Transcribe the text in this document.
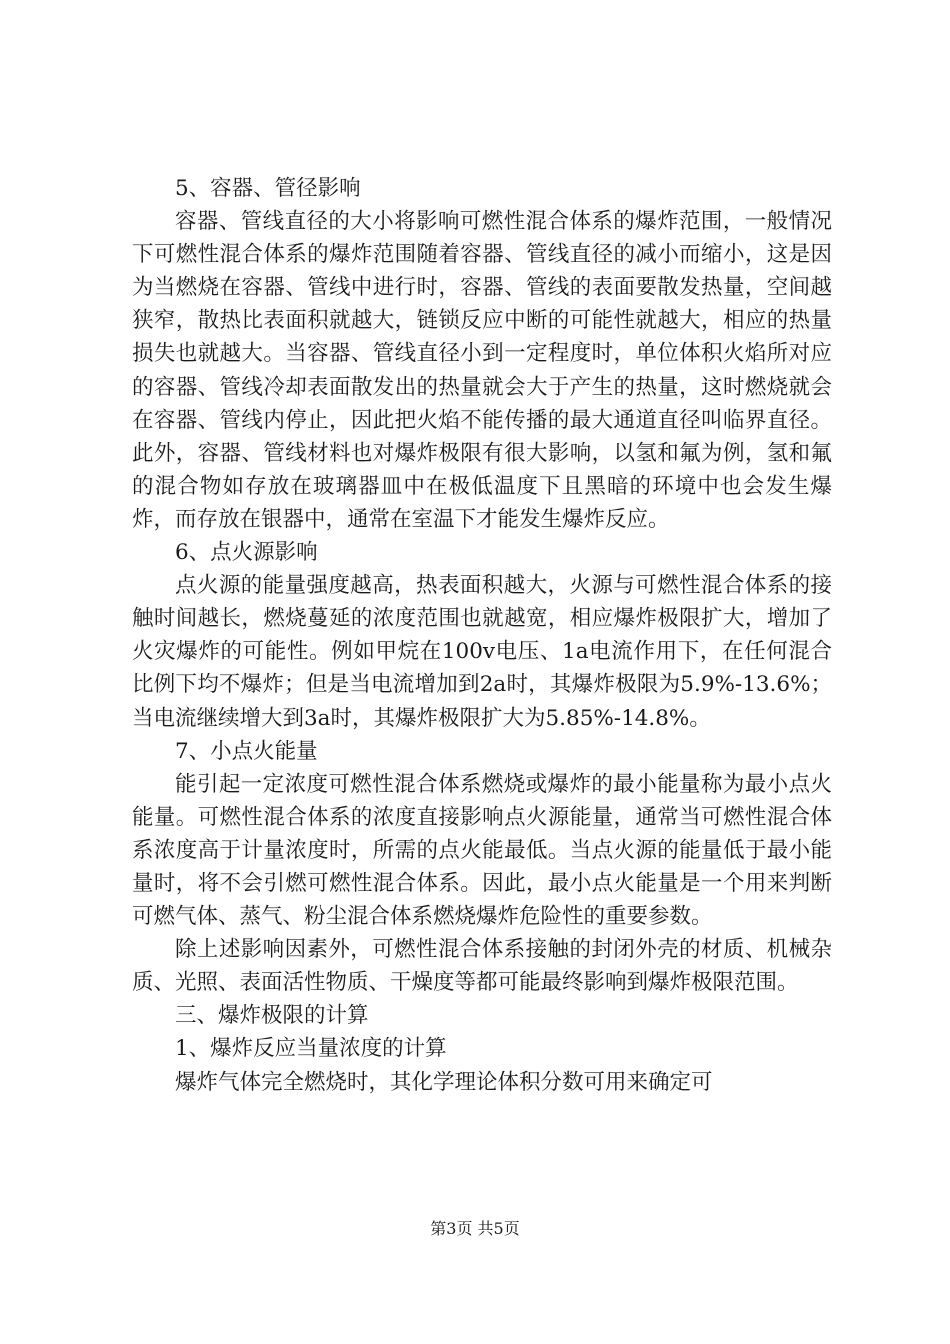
5、容器、管径影响

容器、管线直径的大小将影响可燃性混合体系的爆炸范围，一般情况下可燃性混合体系的爆炸范围随着容器、管线直径的减小而缩小，这是因为当燃烧在容器、管线中进行时，容器、管线的表面要散发热量，空间越狭窄，散热比表面积就越大，链锁反应中断的可能性就越大，相应的热量损失也就越大。当容器、管线直径小到一定程度时，单位体积火焰所对应的容器、管线冷却表面散发出的热量就会大于产生的热量，这时燃烧就会在容器、管线内停止，因此把火焰不能传播的最大通道直径叫临界直径。此外，容器、管线材料也对爆炸极限有很大影响，以氢和氟为例，氢和氟的混合物如存放在玻璃器皿中在极低温度下且黑暗的环境中也会发生爆炸，而存放在银器中，通常在室温下才能发生爆炸反应。

6、点火源影响

点火源的能量强度越高，热表面积越大，火源与可燃性混合体系的接触时间越长，燃烧蔓延的浓度范围也就越宽，相应爆炸极限扩大，增加了火灾爆炸的可能性。例如甲烷在100v电压、1a电流作用下，在任何混合比例下均不爆炸；但是当电流增加到2a时，其爆炸极限为5.9%-13.6%；当电流继续增大到3a时，其爆炸极限扩大为5.85%-14.8%。

7、小点火能量

能引起一定浓度可燃性混合体系燃烧或爆炸的最小能量称为最小点火能量。可燃性混合体系的浓度直接影响点火源能量，通常当可燃性混合体系浓度高于计量浓度时，所需的点火能最低。当点火源的能量低于最小能量时，将不会引燃可燃性混合体系。因此，最小点火能量是一个用来判断可燃气体、蒸气、粉尘混合体系燃烧爆炸危险性的重要参数。

除上述影响因素外，可燃性混合体系接触的封闭外壳的材质、机械杂质、光照、表面活性物质、干燥度等都可能最终影响到爆炸极限范围。

三、爆炸极限的计算

1、爆炸反应当量浓度的计算

爆炸气体完全燃烧时，其化学理论体积分数可用来确定可

第3页 共5页
